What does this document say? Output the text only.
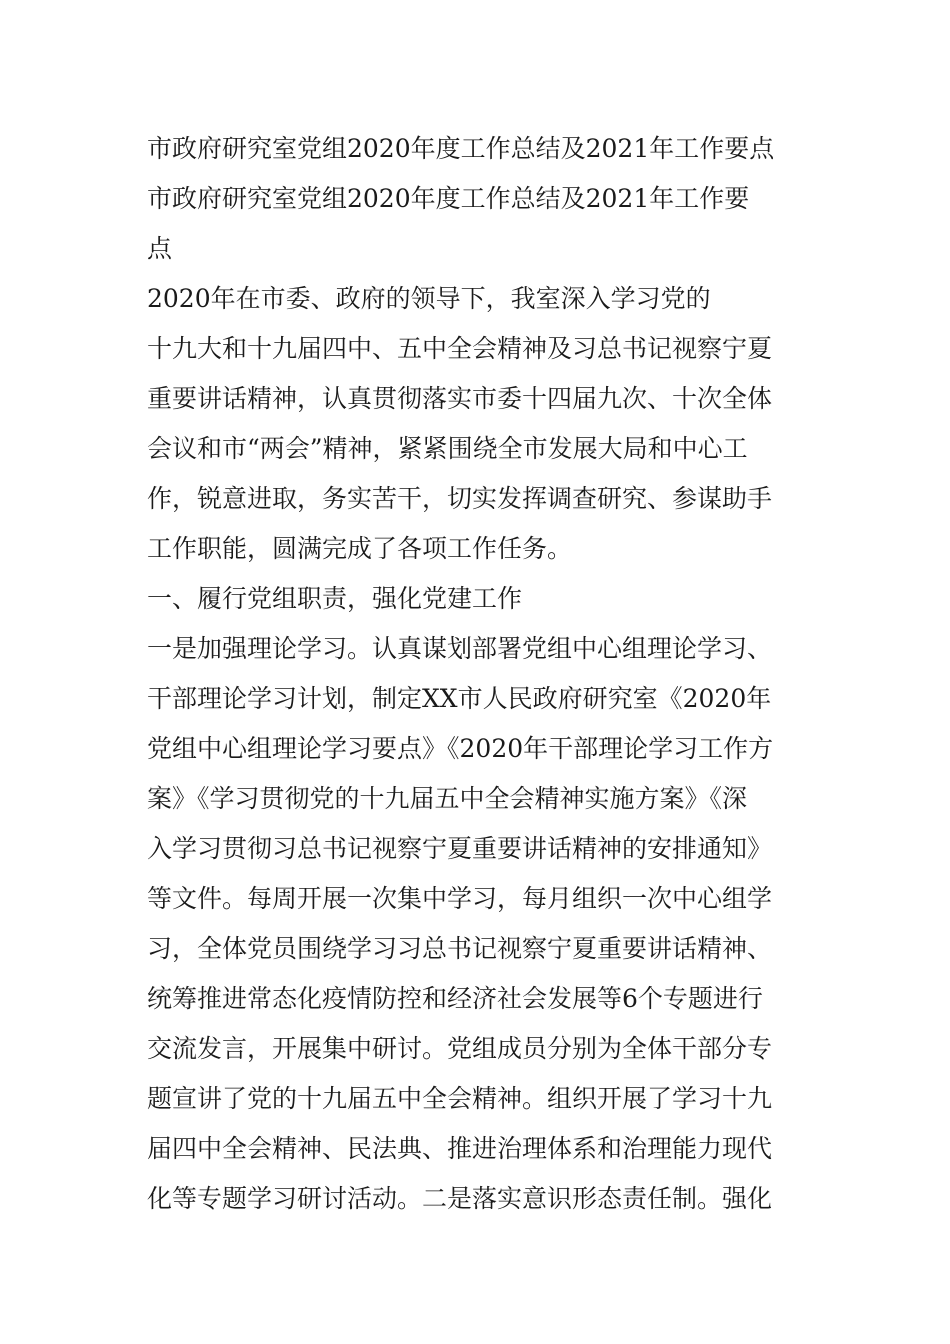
市政府研究室党组2020年度工作总结及2021年工作要点
市政府研究室党组2020年度工作总结及2021年工作要
点
2020年在市委、政府的领导下，我室深入学习党的
十九大和十九届四中、五中全会精神及习总书记视察宁夏
重要讲话精神，认真贯彻落实市委十四届九次、十次全体
会议和市“两会”精神，紧紧围绕全市发展大局和中心工
作，锐意进取，务实苦干，切实发挥调查研究、参谋助手
工作职能，圆满完成了各项工作任务。
一、履行党组职责，强化党建工作
一是加强理论学习。认真谋划部署党组中心组理论学习、
干部理论学习计划，制定XX市人民政府研究室《2020年
党组中心组理论学习要点》《2020年干部理论学习工作方
案》《学习贯彻党的十九届五中全会精神实施方案》《深
入学习贯彻习总书记视察宁夏重要讲话精神的安排通知》
等文件。每周开展一次集中学习，每月组织一次中心组学
习，全体党员围绕学习习总书记视察宁夏重要讲话精神、
统筹推进常态化疫情防控和经济社会发展等6个专题进行
交流发言，开展集中研讨。党组成员分别为全体干部分专
题宣讲了党的十九届五中全会精神。组织开展了学习十九
届四中全会精神、民法典、推进治理体系和治理能力现代
化等专题学习研讨活动。二是落实意识形态责任制。强化
